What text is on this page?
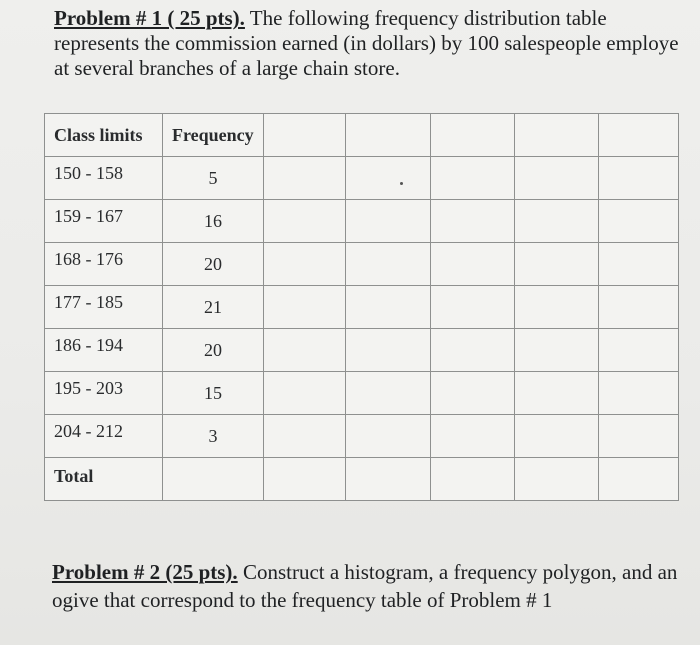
Problem # 1 ( 25 pts). The following frequency distribution table
represents the commission earned (in dollars) by 100 salespeople employe
at several branches of a large chain store.
Class limits	Frequency					
150 - 158	5					
159 - 167	16					
168 - 176	20					
177 - 185	21					
186 - 194	20					
195 - 203	15					
204 - 212	3					
Total						
Problem # 2 (25 pts). Construct a histogram, a frequency polygon, and an
ogive that correspond to the frequency table of Problem # 1
